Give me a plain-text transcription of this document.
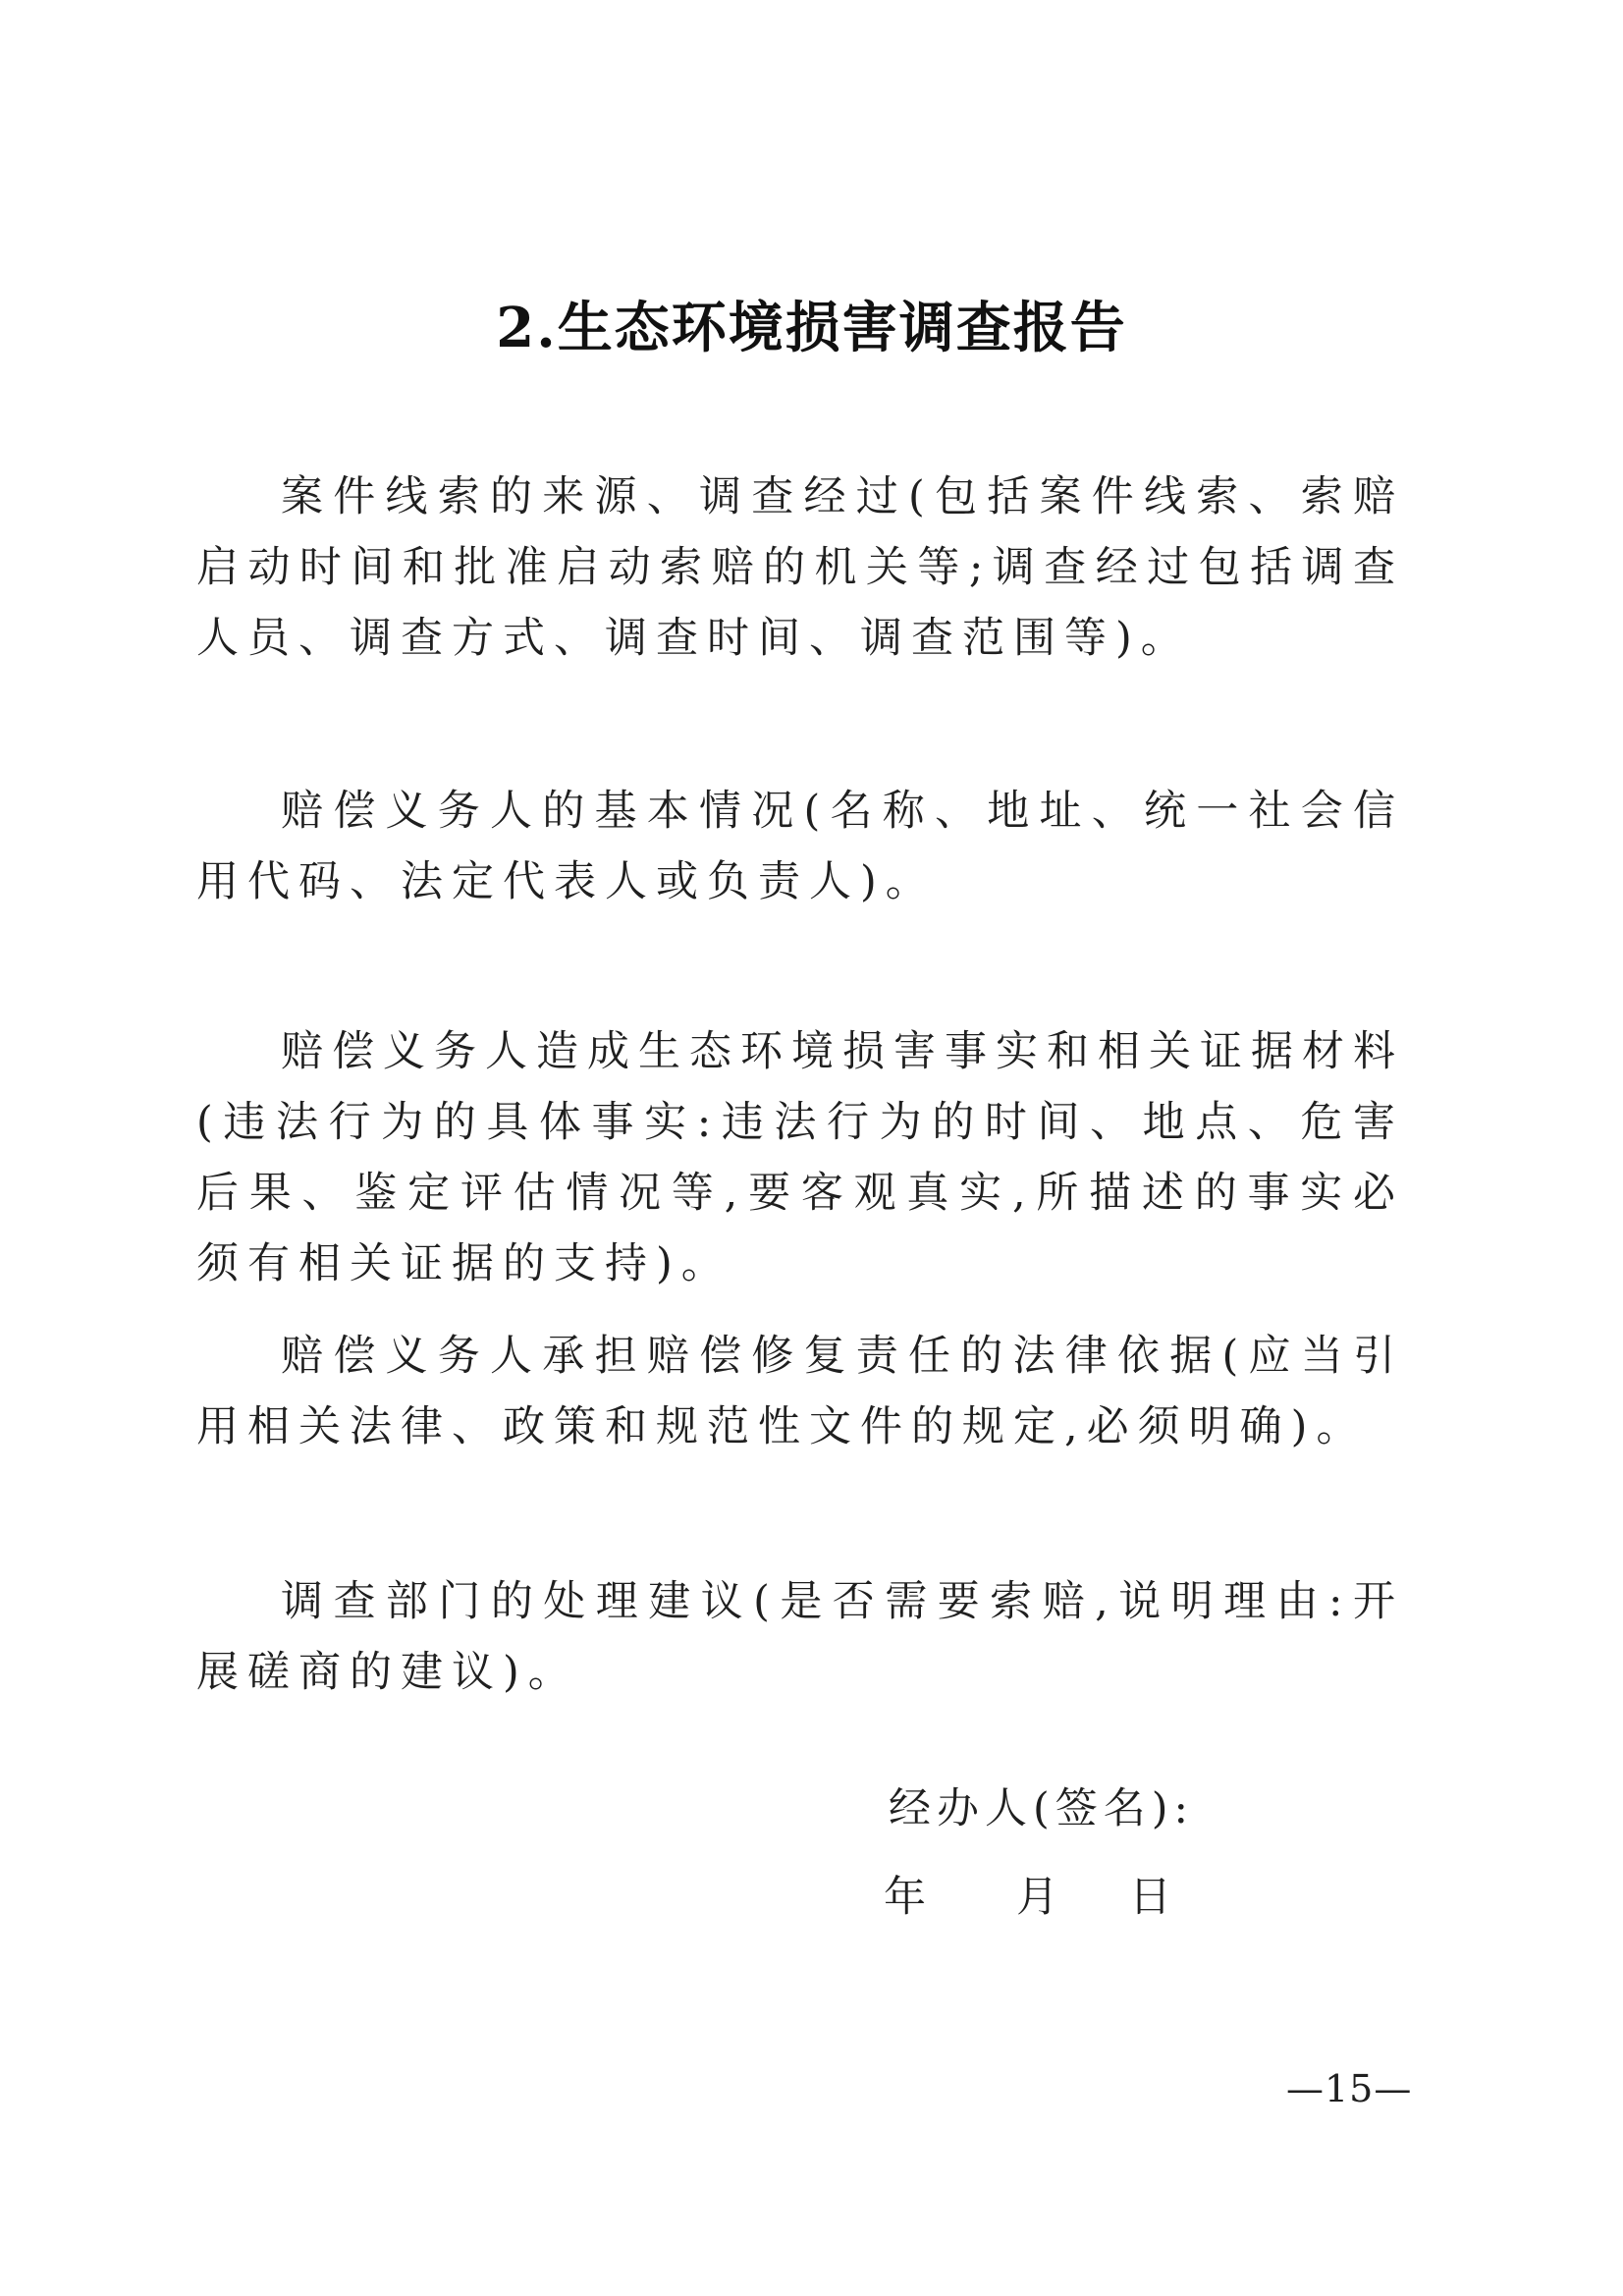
2.生态环境损害调查报告

案件线索的来源、调查经过(包括案件线索、索赔启动时间和批准启动索赔的机关等;调查经过包括调查人员、调查方式、调查时间、调查范围等)。

赔偿义务人的基本情况(名称、地址、统一社会信用代码、法定代表人或负责人)。

赔偿义务人造成生态环境损害事实和相关证据材料(违法行为的具体事实:违法行为的时间、地点、危害后果、鉴定评估情况等,要客观真实,所描述的事实必须有相关证据的支持)。

赔偿义务人承担赔偿修复责任的法律依据(应当引用相关法律、政策和规范性文件的规定,必须明确)。

调查部门的处理建议(是否需要索赔,说明理由:开展磋商的建议)。

经办人(签名):
年 月 日
—15—
